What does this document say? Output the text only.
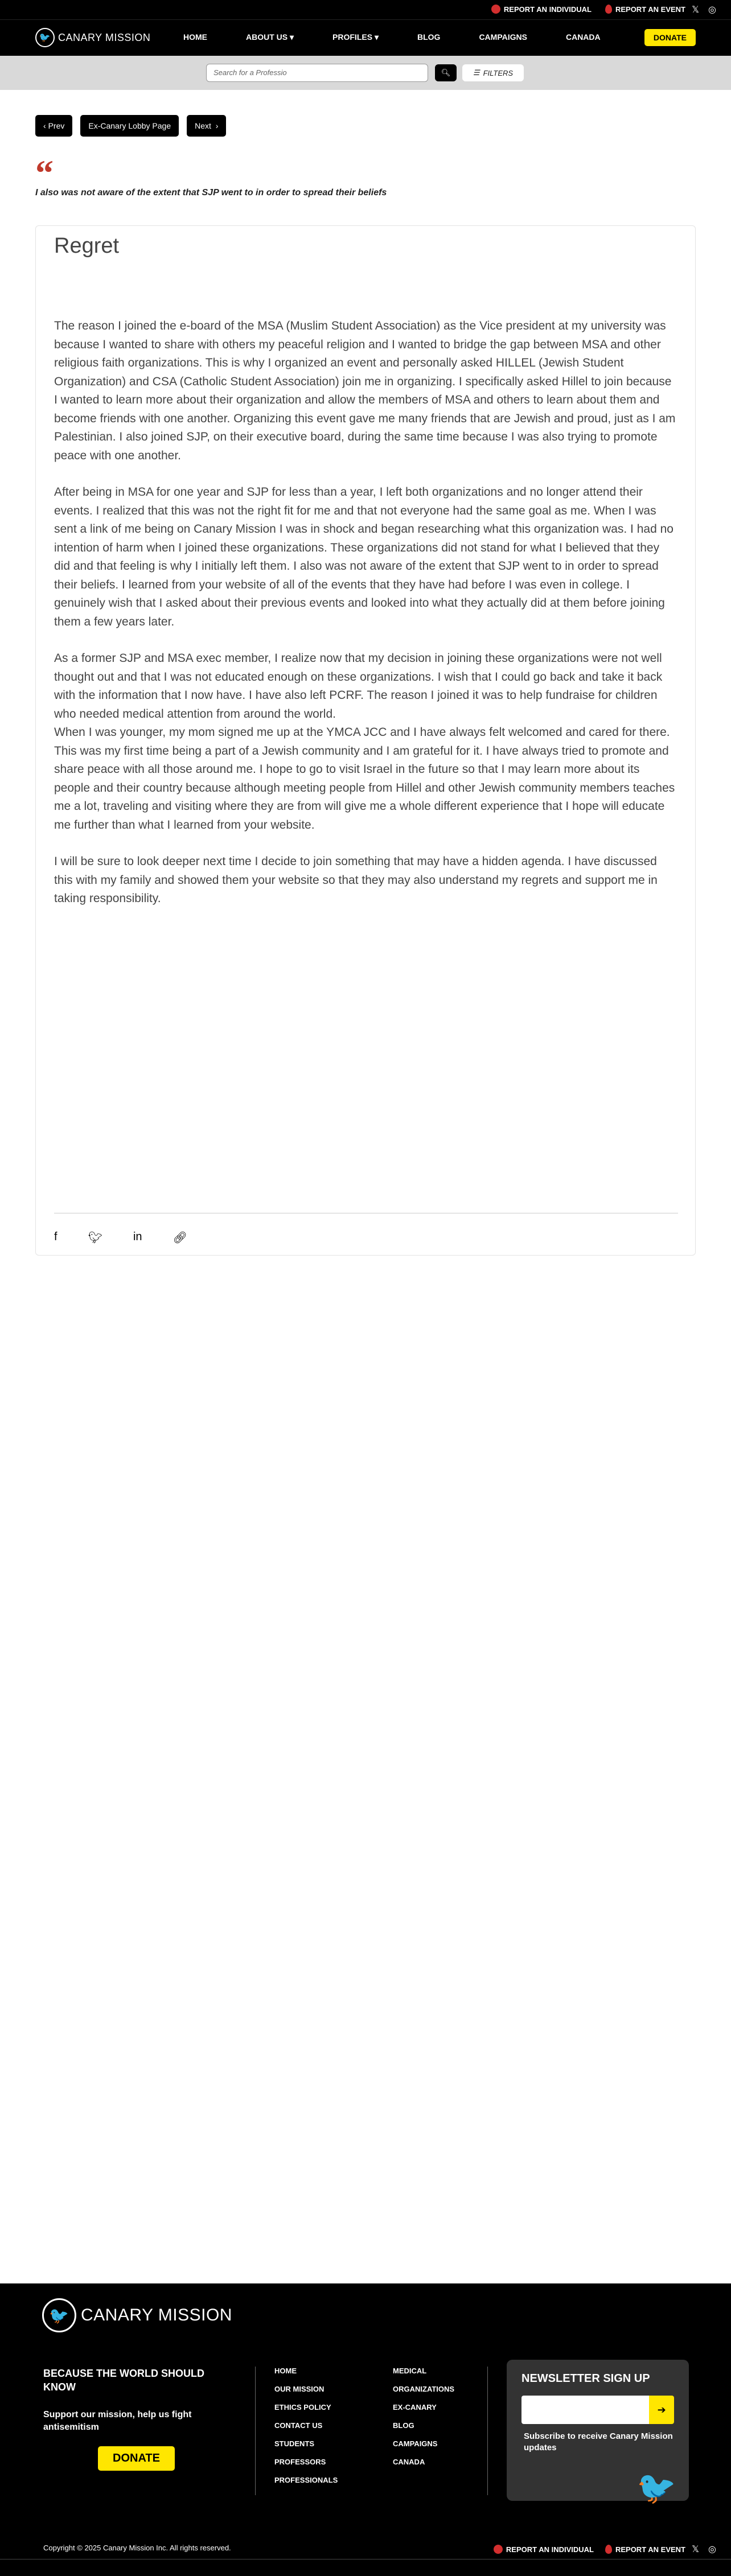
REPORT AN INDIVIDUAL	REPORT AN EVENT 𝕏 ◎
🐦 CANARY MISSION	HOME	ABOUT US ▾	PROFILES ▾	BLOG	CAMPAIGNS	CANADA	DONATE
Search for a Professio	🔍︎	☰ FILTERS
‹ Prev	Ex-Canary Lobby Page	Next ›
“
I also was not aware of the extent that SJP went to in order to spread their beliefs
Regret

The reason I joined the e-board of the MSA (Muslim Student Association) as the Vice president at my university was because I wanted to share with others my peaceful religion and I wanted to bridge the gap between MSA and other religious faith organizations. This is why I organized an event and personally asked HILLEL (Jewish Student Organization) and CSA (Catholic Student Association) join me in organizing. I specifically asked Hillel to join because I wanted to learn more about their organization and allow the members of MSA and others to learn about them and become friends with one another. Organizing this event gave me many friends that are Jewish and proud, just as I am Palestinian. I also joined SJP, on their executive board, during the same time because I was also trying to promote peace with one another.

After being in MSA for one year and SJP for less than a year, I left both organizations and no longer attend their events. I realized that this was not the right fit for me and that not everyone had the same goal as me. When I was sent a link of me being on Canary Mission I was in shock and began researching what this organization was. I had no intention of harm when I joined these organizations. These organizations did not stand for what I believed that they did and that feeling is why I initially left them. I also was not aware of the extent that SJP went to in order to spread their beliefs. I learned from your website of all of the events that they have had before I was even in college. I genuinely wish that I asked about their previous events and looked into what they actually did at them before joining them a few years later.

As a former SJP and MSA exec member, I realize now that my decision in joining these organizations were not well thought out and that I was not educated enough on these organizations. I wish that I could go back and take it back with the information that I now have. I have also left PCRF. The reason I joined it was to help fundraise for children who needed medical attention from around the world.

When I was younger, my mom signed me up at the YMCA JCC and I have always felt welcomed and cared for there. This was my first time being a part of a Jewish community and I am grateful for it. I have always tried to promote and share peace with all those around me. I hope to go to visit Israel in the future so that I may learn more about its people and their country because although meeting people from Hillel and other Jewish community members teaches me a lot, traveling and visiting where they are from will give me a whole different experience that I hope will educate me further than what I learned from your website.

I will be sure to look deeper next time I decide to join something that may have a hidden agenda. I have discussed this with my family and showed them your website so that they may also understand my regrets and support me in taking responsibility.

f	🐦︎	in	🔗︎
🐦 CANARY MISSION
BECAUSE THE WORLD SHOULD KNOW
Support our mission, help us fight antisemitism
DONATE
HOME
OUR MISSION
ETHICS POLICY
CONTACT US
STUDENTS
PROFESSORS
PROFESSIONALS
MEDICAL
ORGANIZATIONS
EX-CANARY
BLOG
CAMPAIGNS
CANADA
NEWSLETTER SIGN UP
➔
Subscribe to receive Canary Mission updates
🐦
Copyright © 2025 Canary Mission Inc. All rights reserved.	REPORT AN INDIVIDUAL	REPORT AN EVENT 𝕏 ◎
